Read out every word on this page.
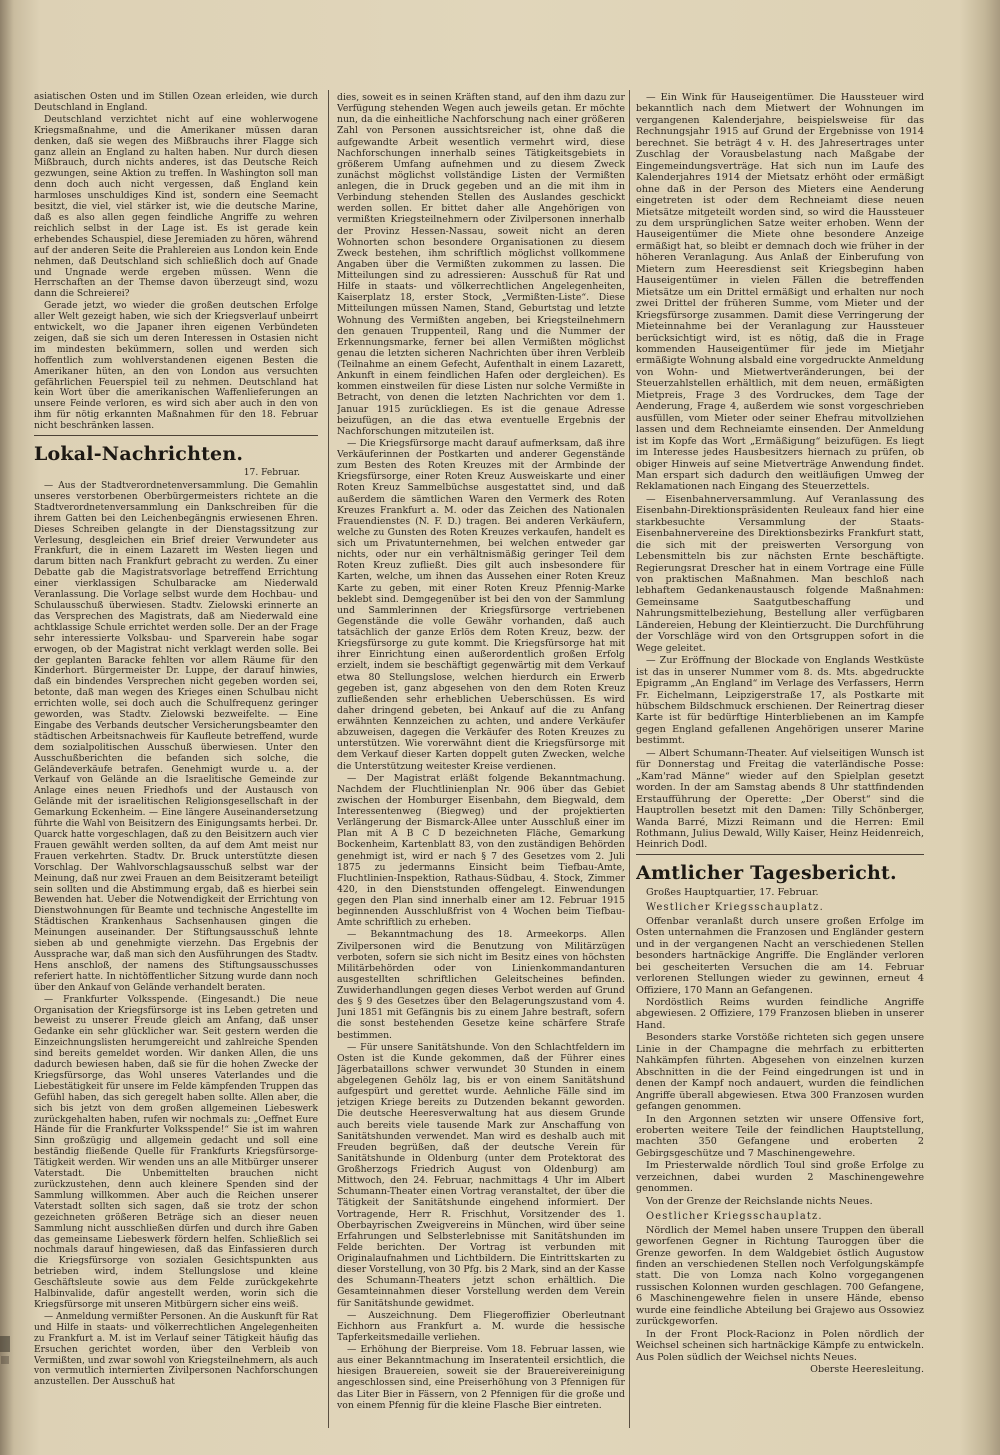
asiatischen Osten und im Stillen Ozean erleiden, wie durch Deutschland in England.

Deutschland verzichtet nicht auf eine wohlerwogene Kriegsmaßnahme, und die Amerikaner müssen daran denken, daß sie wegen des Mißbrauchs ihrer Flagge sich ganz allein an England zu halten haben. Nur durch diesen Mißbrauch, durch nichts anderes, ist das Deutsche Reich gezwungen, seine Aktion zu treffen. In Washington soll man denn doch auch nicht vergessen, daß England kein harmloses unschuldiges Kind ist, sondern eine Seemacht besitzt, die viel, viel stärker ist, wie die deutsche Marine, daß es also allen gegen feindliche Angriffe zu wehren reichlich selbst in der Lage ist. Es ist gerade kein erhebendes Schauspiel, diese Jeremiaden zu hören, während auf der anderen Seite die Prahlereien aus London kein Ende nehmen, daß Deutschland sich schließlich doch auf Gnade und Ungnade werde ergeben müssen. Wenn die Herrschaften an der Themse davon überzeugt sind, wozu dann die Schreierei?

Gerade jetzt, wo wieder die großen deutschen Erfolge aller Welt gezeigt haben, wie sich der Kriegsverlauf unbeirrt entwickelt, wo die Japaner ihren eigenen Verbündeten zeigen, daß sie sich um deren Interessen in Ostasien nicht im mindesten bekümmern, sollen und werden sich hoffentlich zum wohlverstandenen eigenen Besten die Amerikaner hüten, an den von London aus versuchten gefährlichen Feuerspiel teil zu nehmen. Deutschland hat kein Wort über die amerikanischen Waffenlieferungen an unsere Feinde verloren, es wird sich aber auch in den von ihm für nötig erkannten Maßnahmen für den 18. Februar nicht beschränken lassen.

Lokal-Nachrichten.
17. Februar.

— Aus der Stadtverordnetenversammlung. Die Gemahlin unseres verstorbenen Oberbürgermeisters richtete an die Stadtverordnetenversammlung ein Dankschreiben für die ihrem Gatten bei den Leichenbegängnis erwiesenen Ehren. Dieses Schreiben gelangte in der Dienstagssitzung zur Verlesung, desgleichen ein Brief dreier Verwundeter aus Frankfurt, die in einem Lazarett im Westen liegen und darum bitten nach Frankfurt gebracht zu werden. Zu einer Debatte gab die Magistratsvorlage betreffend Errichtung einer vierklassigen Schulbaracke am Niederwald Veranlassung. Die Vorlage selbst wurde dem Hochbau- und Schulausschuß überwiesen. Stadtv. Zielowski erinnerte an das Versprechen des Magistrats, daß am Niederwald eine achtklassige Schule errichtet werden solle. Der an der Frage sehr interessierte Volksbau- und Sparverein habe sogar erwogen, ob der Magistrat nicht verklagt werden solle. Bei der geplanten Baracke fehlten vor allem Räume für den Kinderhort. Bürgermeister Dr. Luppe, der darauf hinwies, daß ein bindendes Versprechen nicht gegeben worden sei, betonte, daß man wegen des Krieges einen Schulbau nicht errichten wolle, sei doch auch die Schulfrequenz geringer geworden, was Stadtv. Zielowski bezweifelte. — Eine Eingabe des Verbands deutscher Versicherungsbeamter den städtischen Arbeitsnachweis für Kaufleute betreffend, wurde dem sozialpolitischen Ausschuß überwiesen. Unter den Ausschußberichten die befanden sich solche, die Geländeverkäufe betrafen. Genehmigt wurde u. a. der Verkauf von Gelände an die Israelitische Gemeinde zur Anlage eines neuen Friedhofs und der Austausch von Gelände mit der israelitischen Religionsgesellschaft in der Gemarkung Eckenheim. — Eine längere Auseinandersetzung führte die Wahl von Beisitzern des Einigungsamts herbei. Dr. Quarck hatte vorgeschlagen, daß zu den Beisitzern auch vier Frauen gewählt werden sollten, da auf dem Amt meist nur Frauen verkehrten. Stadtv. Dr. Bruck unterstützte diesen Vorschlag. Der Wahlvorschlagsausschuß selbst war der Meinung, daß nur zwei Frauen an dem Beisitzeramt beteiligt sein sollten und die Abstimmung ergab, daß es hierbei sein Bewenden hat. Ueber die Notwendigkeit der Errichtung von Dienstwohnungen für Beamte und technische Angestellte im Städtischen Krankenhaus Sachsenhausen gingen die Meinungen auseinander. Der Stiftungsausschuß lehnte sieben ab und genehmigte vierzehn. Das Ergebnis der Aussprache war, daß man sich den Ausführungen des Stadtv. Hens anschloß, der namens des Stiftungsausschusses referiert hatte. In nichtöffentlicher Sitzung wurde dann noch über den Ankauf von Gelände verhandelt beraten.

— Frankfurter Volksspende. (Eingesandt.) Die neue Organisation der Kriegsfürsorge ist ins Leben getreten und beweist zu unserer Freude gleich am Anfang, daß unser Gedanke ein sehr glücklicher war. Seit gestern werden die Einzeichnungslisten herumgereicht und zahlreiche Spenden sind bereits gemeldet worden. Wir danken Allen, die uns dadurch bewiesen haben, daß sie für die hohen Zwecke der Kriegsfürsorge, das Wohl unseres Vaterlandes und die Liebestätigkeit für unsere im Felde kämpfenden Truppen das Gefühl haben, das sich geregelt haben sollte. Allen aber, die sich bis jetzt von dem großen allgemeinen Liebeswerk zurückgehalten haben, rufen wir nochmals zu: „Oeffnet Eure Hände für die Frankfurter Volksspende!“ Sie ist im wahren Sinn großzügig und allgemein gedacht und soll eine beständig fließende Quelle für Frankfurts Kriegsfürsorge-Tätigkeit werden. Wir wenden uns an alle Mitbürger unserer Vaterstadt. Die Unbemittelten brauchen nicht zurückzustehen, denn auch kleinere Spenden sind der Sammlung willkommen. Aber auch die Reichen unserer Vaterstadt sollten sich sagen, daß sie trotz der schon gezeichneten größeren Beträge sich an dieser neuen Sammlung nicht ausschließen dürfen und durch ihre Gaben das gemeinsame Liebeswerk fördern helfen. Schließlich sei nochmals darauf hingewiesen, daß das Einfassieren durch die Kriegsfürsorge von sozialen Gesichtspunkten aus betrieben wird, indem Stellungslose und kleine Geschäftsleute sowie aus dem Felde zurückgekehrte Halbinvalide, dafür angestellt werden, worin sich die Kriegsfürsorge mit unseren Mitbürgern sicher eins weiß.

— Anmeldung vermißter Personen. An die Auskunft für Rat und Hilfe in staats- und völkerrechtlichen Angelegenheiten zu Frankfurt a. M. ist im Verlauf seiner Tätigkeit häufig das Ersuchen gerichtet worden, über den Verbleib von Vermißten, und zwar sowohl von Kriegsteilnehmern, als auch von vermutlich internierten Zivilpersonen Nachforschungen anzustellen. Der Ausschuß hat

dies, soweit es in seinen Kräften stand, auf den ihm dazu zur Verfügung stehenden Wegen auch jeweils getan. Er möchte nun, da die einheitliche Nachforschung nach einer größeren Zahl von Personen aussichtsreicher ist, ohne daß die aufgewandte Arbeit wesentlich vermehrt wird, diese Nachforschungen innerhalb seines Tätigkeitsgebiets in größerem Umfang aufnehmen und zu diesem Zweck zunächst möglichst vollständige Listen der Vermißten anlegen, die in Druck gegeben und an die mit ihm in Verbindung stehenden Stellen des Auslandes geschickt werden sollen. Er bittet daher alle Angehörigen von vermißten Kriegsteilnehmern oder Zivilpersonen innerhalb der Provinz Hessen-Nassau, soweit nicht an deren Wohnorten schon besondere Organisationen zu diesem Zweck bestehen, ihm schriftlich möglichst vollkommene Angaben über die Vermißten zukommen zu lassen. Die Mitteilungen sind zu adressieren: Ausschuß für Rat und Hilfe in staats- und völkerrechtlichen Angelegenheiten, Kaiserplatz 18, erster Stock, „Vermißten-Liste“. Diese Mitteilungen müssen Namen, Stand, Geburtstag und letzte Wohnung des Vermißten angeben, bei Kriegsteilnehmern den genauen Truppenteil, Rang und die Nummer der Erkennungsmarke, ferner bei allen Vermißten möglichst genau die letzten sicheren Nachrichten über ihren Verbleib (Teilnahme an einem Gefecht, Aufenthalt in einem Lazarett, Ankunft in einem feindlichen Hafen oder dergleichen). Es kommen einstweilen für diese Listen nur solche Vermißte in Betracht, von denen die letzten Nachrichten vor dem 1. Januar 1915 zurückliegen. Es ist die genaue Adresse beizufügen, an die das etwa eventuelle Ergebnis der Nachforschungen mitzuteilen ist.

— Die Kriegsfürsorge macht darauf aufmerksam, daß ihre Verkäuferinnen der Postkarten und anderer Gegenstände zum Besten des Roten Kreuzes mit der Armbinde der Kriegsfürsorge, einer Roten Kreuz Ausweiskarte und einer Roten Kreuz Sammelbüchse ausgestattet sind, und daß außerdem die sämtlichen Waren den Vermerk des Roten Kreuzes Frankfurt a. M. oder das Zeichen des Nationalen Frauendienstes (N. F. D.) tragen. Bei anderen Verkäufern, welche zu Gunsten des Roten Kreuzes verkaufen, handelt es sich um Privatunternehmen, bei welchen entweder gar nichts, oder nur ein verhältnismäßig geringer Teil dem Roten Kreuz zufließt. Dies gilt auch insbesondere für Karten, welche, um ihnen das Aussehen einer Roten Kreuz Karte zu geben, mit einer Roten Kreuz Pfennig-Marke beklebt sind. Demgegenüber ist bei den von der Sammlung und Sammlerinnen der Kriegsfürsorge vertriebenen Gegenstände die volle Gewähr vorhanden, daß auch tatsächlich der ganze Erlös dem Roten Kreuz, bezw. der Kriegsfürsorge zu gute kommt. Die Kriegsfürsorge hat mit ihrer Einrichtung einen außerordentlich großen Erfolg erzielt, indem sie beschäftigt gegenwärtig mit dem Verkauf etwa 80 Stellungslose, welchen hierdurch ein Erwerb gegeben ist, ganz abgesehen von den dem Roten Kreuz zufließenden sehr erheblichen Ueberschüssen. Es wird daher dringend gebeten, bei Ankauf auf die zu Anfang erwähnten Kennzeichen zu achten, und andere Verkäufer abzuweisen, dagegen die Verkäufer des Roten Kreuzes zu unterstützen. Wie vorerwähnt dient die Kriegsfürsorge mit dem Verkauf dieser Karten doppelt guten Zwecken, welche die Unterstützung weitester Kreise verdienen.

— Der Magistrat erläßt folgende Bekanntmachung. Nachdem der Fluchtlinienplan Nr. 906 über das Gebiet zwischen der Homburger Eisenbahn, dem Biegwald, dem Interessentenweg (Biegweg) und der projektierten Verlängerung der Bismarck-Allee unter Ausschluß einer im Plan mit A B C D bezeichneten Fläche, Gemarkung Bockenheim, Kartenblatt 83, von den zuständigen Behörden genehmigt ist, wird er nach § 7 des Gesetzes vom 2. Juli 1875 zu jedermanns Einsicht beim Tiefbau-Amte, Fluchtlinien-Inspektion, Rathaus-Südbau, 4. Stock, Zimmer 420, in den Dienststunden offengelegt. Einwendungen gegen den Plan sind innerhalb einer am 12. Februar 1915 beginnenden Ausschlußfrist von 4 Wochen beim Tiefbau-Amte schriftlich zu erheben.

— Bekanntmachung des 18. Armeekorps. Allen Zivilpersonen wird die Benutzung von Militärzügen verboten, sofern sie sich nicht im Besitz eines von höchsten Militärbehörden oder von Linienkommandanturen ausgestellten schriftlichen Geleitscheines befinden. Zuwiderhandlungen gegen dieses Verbot werden auf Grund des § 9 des Gesetzes über den Belagerungszustand vom 4. Juni 1851 mit Gefängnis bis zu einem Jahre bestraft, sofern die sonst bestehenden Gesetze keine schärfere Strafe bestimmen.

— Für unsere Sanitätshunde. Von den Schlachtfeldern im Osten ist die Kunde gekommen, daß der Führer eines Jägerbataillons schwer verwundet 30 Stunden in einem abgelegenen Gehölz lag, bis er von einem Sanitätshund aufgespürt und gerettet wurde. Aehnliche Fälle sind im jetzigen Kriege bereits zu Dutzenden bekannt geworden. Die deutsche Heeresverwaltung hat aus diesem Grunde auch bereits viele tausende Mark zur Anschaffung von Sanitätshunden verwendet. Man wird es deshalb auch mit Freuden begrüßen, daß der deutsche Verein für Sanitätshunde in Oldenburg (unter dem Protektorat des Großherzogs Friedrich August von Oldenburg) am Mittwoch, den 24. Februar, nachmittags 4 Uhr im Albert Schumann-Theater einen Vortrag veranstaltet, der über die Tätigkeit der Sanitätshunde eingehend informiert. Der Vortragende, Herr R. Frischhut, Vorsitzender des 1. Oberbayrischen Zweigvereins in München, wird über seine Erfahrungen und Selbsterlebnisse mit Sanitätshunden im Felde berichten. Der Vortrag ist verbunden mit Originalaufnahmen und Lichtbildern. Die Eintrittskarten zu dieser Vorstellung, von 30 Pfg. bis 2 Mark, sind an der Kasse des Schumann-Theaters jetzt schon erhältlich. Die Gesamteinnahmen dieser Vorstellung werden dem Verein für Sanitätshunde gewidmet.

— Auszeichnung. Dem Fliegeroffizier Oberleutnant Eichhorn aus Frankfurt a. M. wurde die hessische Tapferkeitsmedaille verliehen.

— Erhöhung der Bierpreise. Vom 18. Februar lassen, wie aus einer Bekanntmachung im Inseratenteil ersichtlich, die hiesigen Brauereien, soweit sie der Brauereivereinigung angeschlossen sind, eine Preiserhöhung von 3 Pfennigen für das Liter Bier in Fässern, von 2 Pfennigen für die große und von einem Pfennig für die kleine Flasche Bier eintreten.

— Ein Wink für Hauseigentümer. Die Haussteuer wird bekanntlich nach dem Mietwert der Wohnungen im vergangenen Kalenderjahre, beispielsweise für das Rechnungsjahr 1915 auf Grund der Ergebnisse von 1914 berechnet. Sie beträgt 4 v. H. des Jahresertrages unter Zuschlag der Vorausbelastung nach Maßgabe der Eingemeindungsverträge. Hat sich nun im Laufe des Kalenderjahres 1914 der Mietsatz erhöht oder ermäßigt ohne daß in der Person des Mieters eine Aenderung eingetreten ist oder dem Rechneiamt diese neuen Mietsätze mitgeteilt worden sind, so wird die Haussteuer zu dem ursprünglichen Satze weiter erhoben. Wenn der Hauseigentümer die Miete ohne besondere Anzeige ermäßigt hat, so bleibt er demnach doch wie früher in der höheren Veranlagung. Aus Anlaß der Einberufung von Mietern zum Heeresdienst seit Kriegsbeginn haben Hauseigentümer in vielen Fällen die betreffenden Mietsätze um ein Drittel ermäßigt und erhalten nur noch zwei Drittel der früheren Summe, vom Mieter und der Kriegsfürsorge zusammen. Damit diese Verringerung der Mieteinnahme bei der Veranlagung zur Haussteuer berücksichtigt wird, ist es nötig, daß die in Frage kommenden Hauseigentümer für jede im Mietjahr ermäßigte Wohnung alsbald eine vorgedruckte Anmeldung von Wohn- und Mietwertveränderungen, bei der Steuerzahlstellen erhältlich, mit dem neuen, ermäßigten Mietpreis, Frage 3 des Vordruckes, dem Tage der Aenderung, Frage 4, außerdem wie sonst vorgeschrieben ausfüllen, vom Mieter oder seiner Ehefrau mitvollziehen lassen und dem Rechneiamte einsenden. Der Anmeldung ist im Kopfe das Wort „Ermäßigung“ beizufügen. Es liegt im Interesse jedes Hausbesitzers hiernach zu prüfen, ob obiger Hinweis auf seine Mietverträge Anwendung findet. Man erspart sich dadurch den weitläufigen Umweg der Reklamationen nach Eingang des Steuerzettels.

— Eisenbahnerversammlung. Auf Veranlassung des Eisenbahn-Direktionspräsidenten Reuleaux fand hier eine starkbesuchte Versammlung der Staats-Eisenbahnervereine des Direktionsbezirks Frankfurt statt, die sich mit der preiswerten Versorgung von Lebensmitteln bis zur nächsten Ernte beschäftigte. Regierungsrat Drescher hat in einem Vortrage eine Fülle von praktischen Maßnahmen. Man beschloß nach lebhaftem Gedankenaustausch folgende Maßnahmen: Gemeinsame Saatgutbeschaffung und Nahrungsmittelbeziehung, Bestellung aller verfügbaren Ländereien, Hebung der Kleintierzucht. Die Durchführung der Vorschläge wird von den Ortsgruppen sofort in die Wege geleitet.

— Zur Eröffnung der Blockade von Englands Westküste ist das in unserer Nummer vom 8. ds. Mts. abgedruckte Epigramm „An England“ im Verlage des Verfassers, Herrn Fr. Eichelmann, Leipzigerstraße 17, als Postkarte mit hübschem Bildschmuck erschienen. Der Reinertrag dieser Karte ist für bedürftige Hinterbliebenen an im Kampfe gegen England gefallenen Angehörigen unserer Marine bestimmt.

— Albert Schumann-Theater. Auf vielseitigen Wunsch ist für Donnerstag und Freitag die vaterländische Posse: „Kam'rad Männe“ wieder auf den Spielplan gesetzt worden. In der am Samstag abends 8 Uhr stattfindenden Erstaufführung der Operette: „Der Oberst“ sind die Hauptrollen besetzt mit den Damen: Tilly Schönberger, Wanda Barré, Mizzi Reimann und die Herren: Emil Rothmann, Julius Dewald, Willy Kaiser, Heinz Heidenreich, Heinrich Dodl.

Amtlicher Tagesbericht.

Großes Hauptquartier, 17. Februar.

Westlicher Kriegsschauplatz.

Offenbar veranlaßt durch unsere großen Erfolge im Osten unternahmen die Franzosen und Engländer gestern und in der vergangenen Nacht an verschiedenen Stellen besonders hartnäckige Angriffe. Die Engländer verloren bei gescheiterten Versuchen die am 14. Februar verlorenen Stellungen wieder zu gewinnen, erneut 4 Offiziere, 170 Mann an Gefangenen.

Nordöstlich Reims wurden feindliche Angriffe abgewiesen. 2 Offiziere, 179 Franzosen blieben in unserer Hand.

Besonders starke Vorstöße richteten sich gegen unsere Linie in der Champagne die mehrfach zu erbitterten Nahkämpfen führten. Abgesehen von einzelnen kurzen Abschnitten in die der Feind eingedrungen ist und in denen der Kampf noch andauert, wurden die feindlichen Angriffe überall abgewiesen. Etwa 300 Franzosen wurden gefangen genommen.

In den Argonnen setzten wir unsere Offensive fort, eroberten weitere Teile der feindlichen Hauptstellung, machten 350 Gefangene und eroberten 2 Gebirgsgeschütze und 7 Maschinengewehre.

Im Priesterwalde nördlich Toul sind große Erfolge zu verzeichnen, dabei wurden 2 Maschinengewehre genommen.

Von der Grenze der Reichslande nichts Neues.

Oestlicher Kriegsschauplatz.

Nördlich der Memel haben unsere Truppen den überall geworfenen Gegner in Richtung Tauroggen über die Grenze geworfen. In dem Waldgebiet östlich Augustow finden an verschiedenen Stellen noch Verfolgungskämpfe statt. Die von Lomza nach Kolno vorgegangenen russischen Kolonnen wurden geschlagen. 700 Gefangene, 6 Maschinengewehre fielen in unsere Hände, ebenso wurde eine feindliche Abteilung bei Grajewo aus Ossowiez zurückgeworfen.

In der Front Plock-Racionz in Polen nördlich der Weichsel scheinen sich hartnäckige Kämpfe zu entwickeln. Aus Polen südlich der Weichsel nichts Neues.

Oberste Heeresleitung.
